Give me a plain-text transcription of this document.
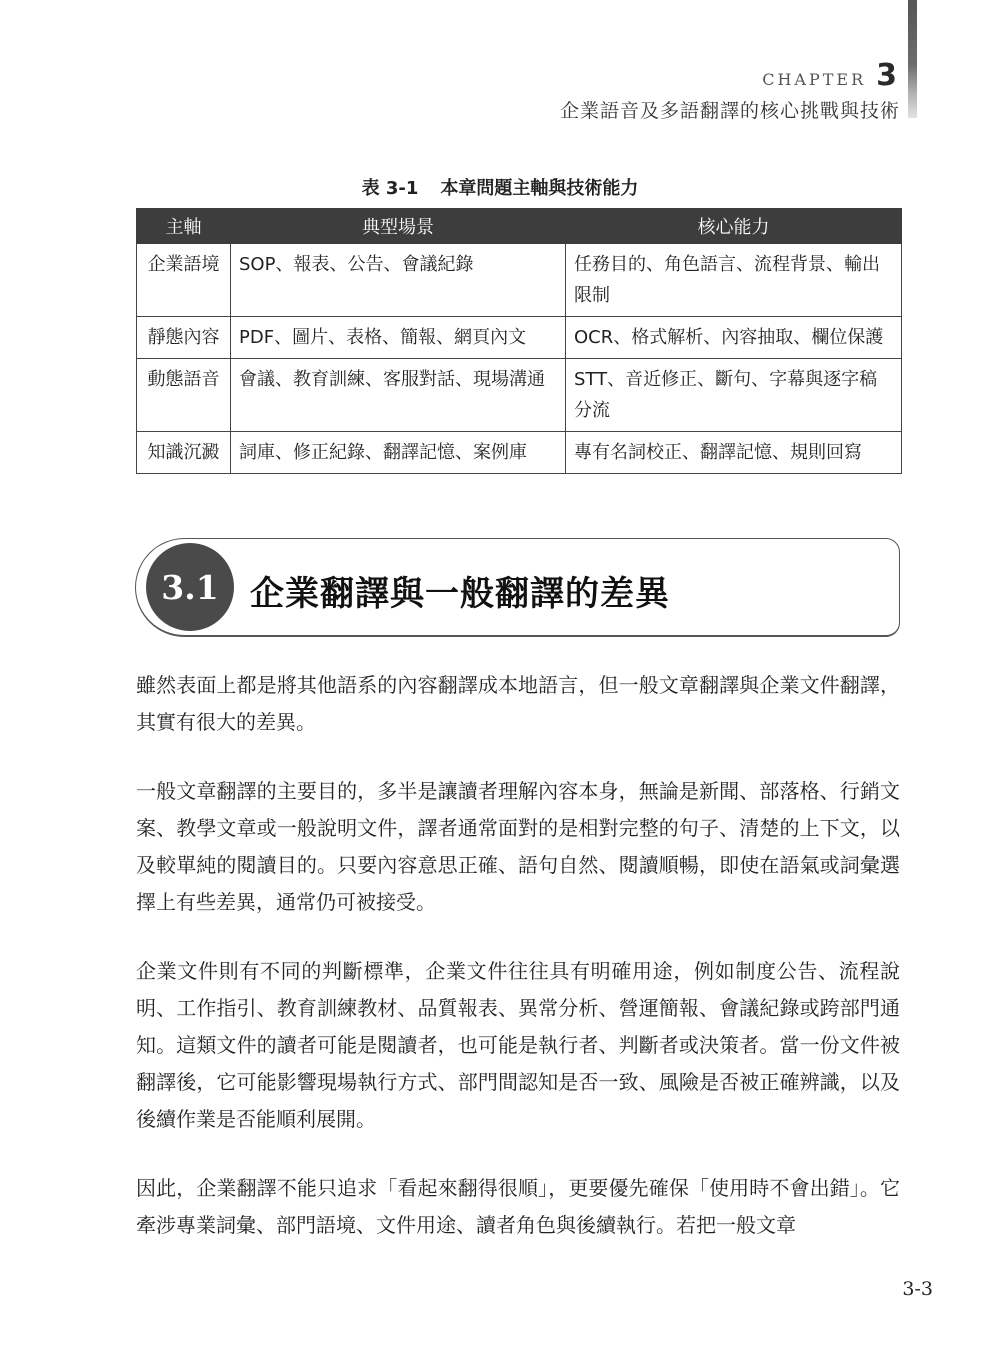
CHAPTER 3
企業語音及多語翻譯的核心挑戰與技術
表 3-1 本章問題主軸與技術能力
主軸	典型場景	核心能力
企業語境	SOP、報表、公告、會議紀錄	任務目的、角色語言、流程背景、輸出限制
靜態內容	PDF、圖片、表格、簡報、網頁內文	OCR、格式解析、內容抽取、欄位保護
動態語音	會議、教育訓練、客服對話、現場溝通	STT、音近修正、斷句、字幕與逐字稿分流
知識沉澱	詞庫、修正紀錄、翻譯記憶、案例庫	專有名詞校正、翻譯記憶、規則回寫
3.1 企業翻譯與一般翻譯的差異

雖然表面上都是將其他語系的內容翻譯成本地語言，但一般文章翻譯與企業文件翻譯，其實有很大的差異。

一般文章翻譯的主要目的，多半是讓讀者理解內容本身，無論是新聞、部落格、行銷文案、教學文章或一般說明文件，譯者通常面對的是相對完整的句子、清楚的上下文，以及較單純的閱讀目的。只要內容意思正確、語句自然、閱讀順暢，即使在語氣或詞彙選擇上有些差異，通常仍可被接受。

企業文件則有不同的判斷標準，企業文件往往具有明確用途，例如制度公告、流程說明、工作指引、教育訓練教材、品質報表、異常分析、營運簡報、會議紀錄或跨部門通知。這類文件的讀者可能是閱讀者，也可能是執行者、判斷者或決策者。當一份文件被翻譯後，它可能影響現場執行方式、部門間認知是否一致、風險是否被正確辨識，以及後續作業是否能順利展開。

因此，企業翻譯不能只追求「看起來翻得很順」，更要優先確保「使用時不會出錯」。它牽涉專業詞彙、部門語境、文件用途、讀者角色與後續執行。若把一般文章

3-3
